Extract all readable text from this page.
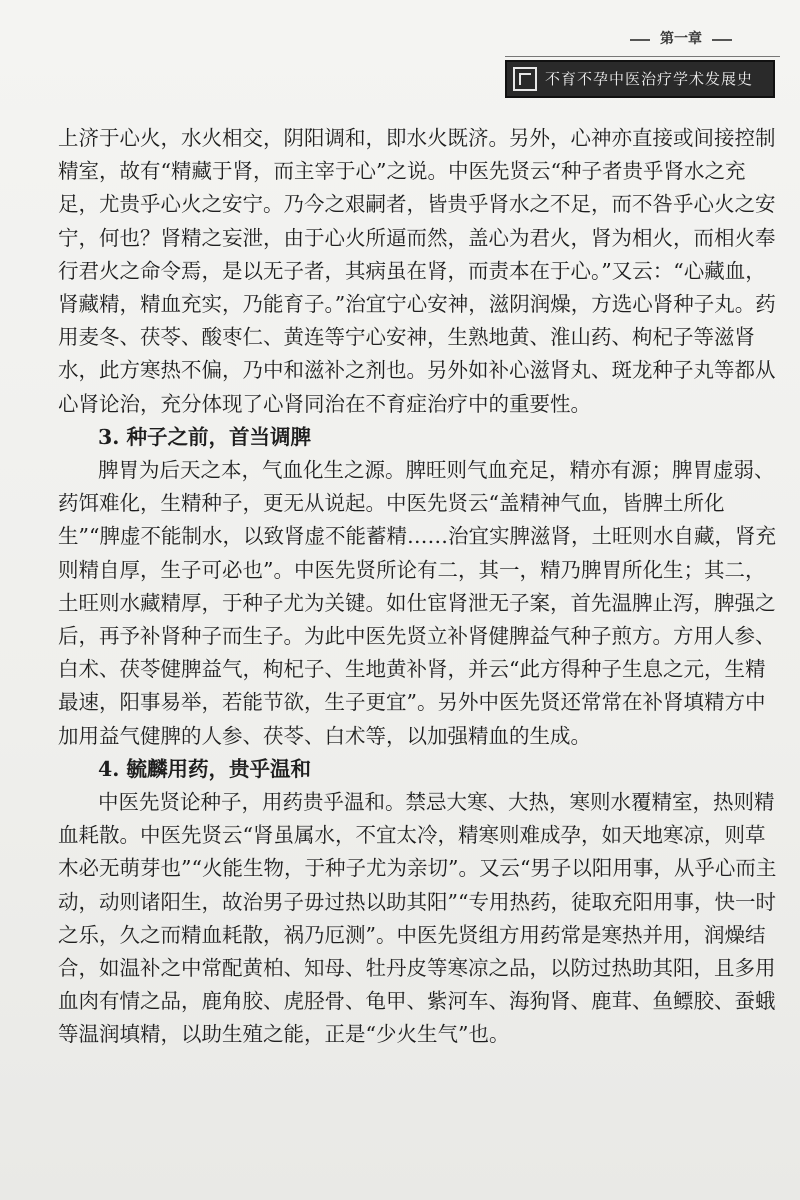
第一章
不育不孕中医治疗学术发展史

上济于心火，水火相交，阴阳调和，即水火既济。另外，心神亦直接或间接控制精室，故有“精藏于肾，而主宰于心”之说。中医先贤云“种子者贵乎肾水之充足，尤贵乎心火之安宁。乃今之艰嗣者，皆贵乎肾水之不足，而不咎乎心火之安宁，何也？肾精之妄泄，由于心火所逼而然，盖心为君火，肾为相火，而相火奉行君火之命令焉，是以无子者，其病虽在肾，而责本在于心。”又云：“心藏血，肾藏精，精血充实，乃能育子。”治宜宁心安神，滋阴润燥，方选心肾种子丸。药用麦冬、茯苓、酸枣仁、黄连等宁心安神，生熟地黄、淮山药、枸杞子等滋肾水，此方寒热不偏，乃中和滋补之剂也。另外如补心滋肾丸、斑龙种子丸等都从心肾论治，充分体现了心肾同治在不育症治疗中的重要性。

3. 种子之前，首当调脾

脾胃为后天之本，气血化生之源。脾旺则气血充足，精亦有源；脾胃虚弱、药饵难化，生精种子，更无从说起。中医先贤云“盖精神气血，皆脾土所化生”“脾虚不能制水，以致肾虚不能蓄精……治宜实脾滋肾，土旺则水自藏，肾充则精自厚，生子可必也”。中医先贤所论有二，其一，精乃脾胃所化生；其二，土旺则水藏精厚，于种子尤为关键。如仕宦肾泄无子案，首先温脾止泻，脾强之后，再予补肾种子而生子。为此中医先贤立补肾健脾益气种子煎方。方用人参、白术、茯苓健脾益气，枸杞子、生地黄补肾，并云“此方得种子生息之元，生精最速，阳事易举，若能节欲，生子更宜”。另外中医先贤还常常在补肾填精方中加用益气健脾的人参、茯苓、白术等，以加强精血的生成。

4. 毓麟用药，贵乎温和

中医先贤论种子，用药贵乎温和。禁忌大寒、大热，寒则水覆精室，热则精血耗散。中医先贤云“肾虽属水，不宜太冷，精寒则难成孕，如天地寒凉，则草木必无萌芽也”“火能生物，于种子尤为亲切”。又云“男子以阳用事，从乎心而主动，动则诸阳生，故治男子毋过热以助其阳”“专用热药，徒取充阳用事，快一时之乐，久之而精血耗散，祸乃厄测”。中医先贤组方用药常是寒热并用，润燥结合，如温补之中常配黄柏、知母、牡丹皮等寒凉之品，以防过热助其阳，且多用血肉有情之品，鹿角胶、虎胫骨、龟甲、紫河车、海狗肾、鹿茸、鱼鳔胶、蚕蛾等温润填精，以助生殖之能，正是“少火生气”也。
